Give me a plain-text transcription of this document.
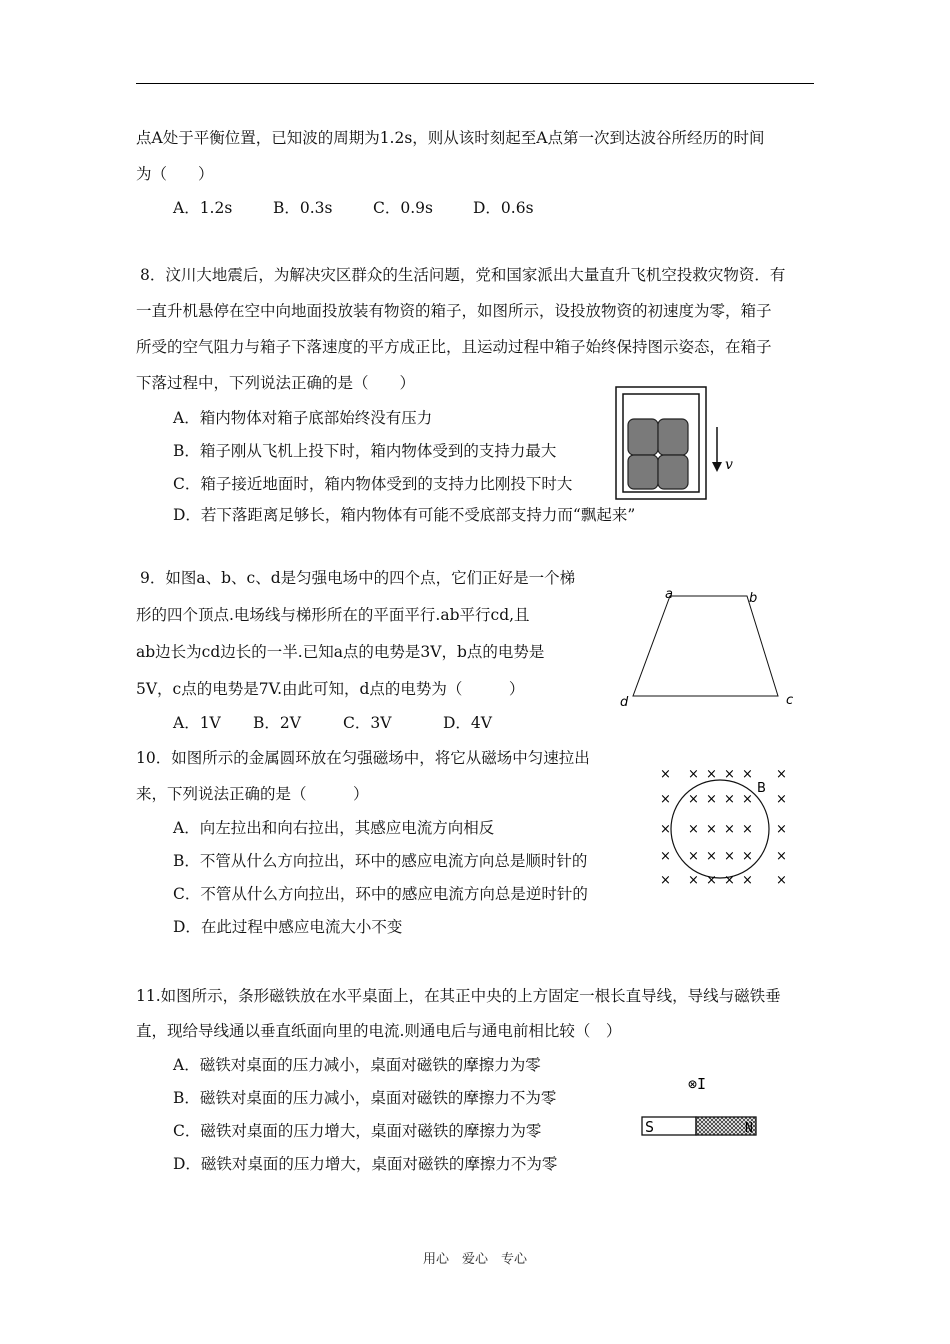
点A处于平衡位置，已知波的周期为1.2s，则从该时刻起至A点第一次到达波谷所经历的时间
为（　　）
A．1.2s	B．0.3s	C．0.9s	D．0.6s
8．汶川大地震后，为解决灾区群众的生活问题，党和国家派出大量直升飞机空投救灾物资．有
一直升机悬停在空中向地面投放装有物资的箱子，如图所示，设投放物资的初速度为零，箱子
所受的空气阻力与箱子下落速度的平方成正比，且运动过程中箱子始终保持图示姿态，在箱子
下落过程中，下列说法正确的是（　　）
A．箱内物体对箱子底部始终没有压力
B．箱子刚从飞机上投下时，箱内物体受到的支持力最大
C．箱子接近地面时，箱内物体受到的支持力比刚投下时大
D．若下落距离足够长，箱内物体有可能不受底部支持力而“飘起来”
v
9．如图a、b、c、d是匀强电场中的四个点，它们正好是一个梯
形的四个顶点.电场线与梯形所在的平面平行.ab平行cd,且
ab边长为cd边长的一半.已知a点的电势是3V，b点的电势是
5V，c点的电势是7V.由此可知，d点的电势为（　　　）
A．1V B．2V	C．3V	D．4V
a	b
c
d
10．如图所示的金属圆环放在匀强磁场中，将它从磁场中匀速拉出
来，下列说法正确的是（　　　）
A．向左拉出和向右拉出，其感应电流方向相反
B．不管从什么方向拉出，环中的感应电流方向总是顺时针的
C．不管从什么方向拉出，环中的感应电流方向总是逆时针的
D．在此过程中感应电流大小不变
× × × × × ×
× × × × × ×
× × × × × ×
× × × × × ×
× × × × × ×
B
11.如图所示，条形磁铁放在水平桌面上，在其正中央的上方固定一根长直导线，导线与磁铁垂
直，现给导线通以垂直纸面向里的电流.则通电后与通电前相比较（　）
A．磁铁对桌面的压力减小，桌面对磁铁的摩擦力为零
B．磁铁对桌面的压力减小，桌面对磁铁的摩擦力不为零
C．磁铁对桌面的压力增大，桌面对磁铁的摩擦力为零
D．磁铁对桌面的压力增大，桌面对磁铁的摩擦力不为零
⊗I
S	N
用心　爱心　专心
